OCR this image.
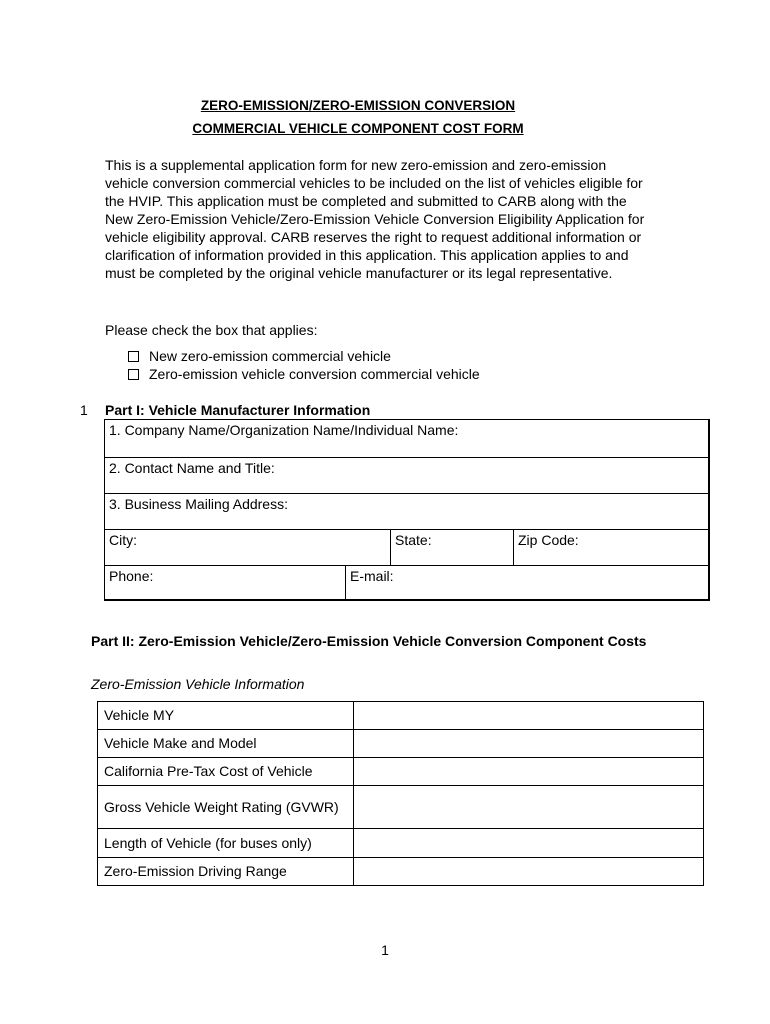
ZERO-EMISSION/ZERO-EMISSION CONVERSION
COMMERCIAL VEHICLE COMPONENT COST FORM
This is a supplemental application form for new zero-emission and zero-emission vehicle conversion commercial vehicles to be included on the list of vehicles eligible for the HVIP. This application must be completed and submitted to CARB along with the New Zero-Emission Vehicle/Zero-Emission Vehicle Conversion Eligibility Application for vehicle eligibility approval. CARB reserves the right to request additional information or clarification of information provided in this application. This application applies to and must be completed by the original vehicle manufacturer or its legal representative.
Please check the box that applies:
New zero-emission commercial vehicle
Zero-emission vehicle conversion commercial vehicle
1 Part I: Vehicle Manufacturer Information
1. Company Name/Organization Name/Individual Name:
2. Contact Name and Title:
3. Business Mailing Address:
City:	State:	Zip Code:
Phone:	E-mail:
Part II: Zero-Emission Vehicle/Zero-Emission Vehicle Conversion Component Costs
Zero-Emission Vehicle Information
Vehicle MY	
Vehicle Make and Model	
California Pre-Tax Cost of Vehicle	
Gross Vehicle Weight Rating (GVWR)	
Length of Vehicle (for buses only)	
Zero-Emission Driving Range	
1
